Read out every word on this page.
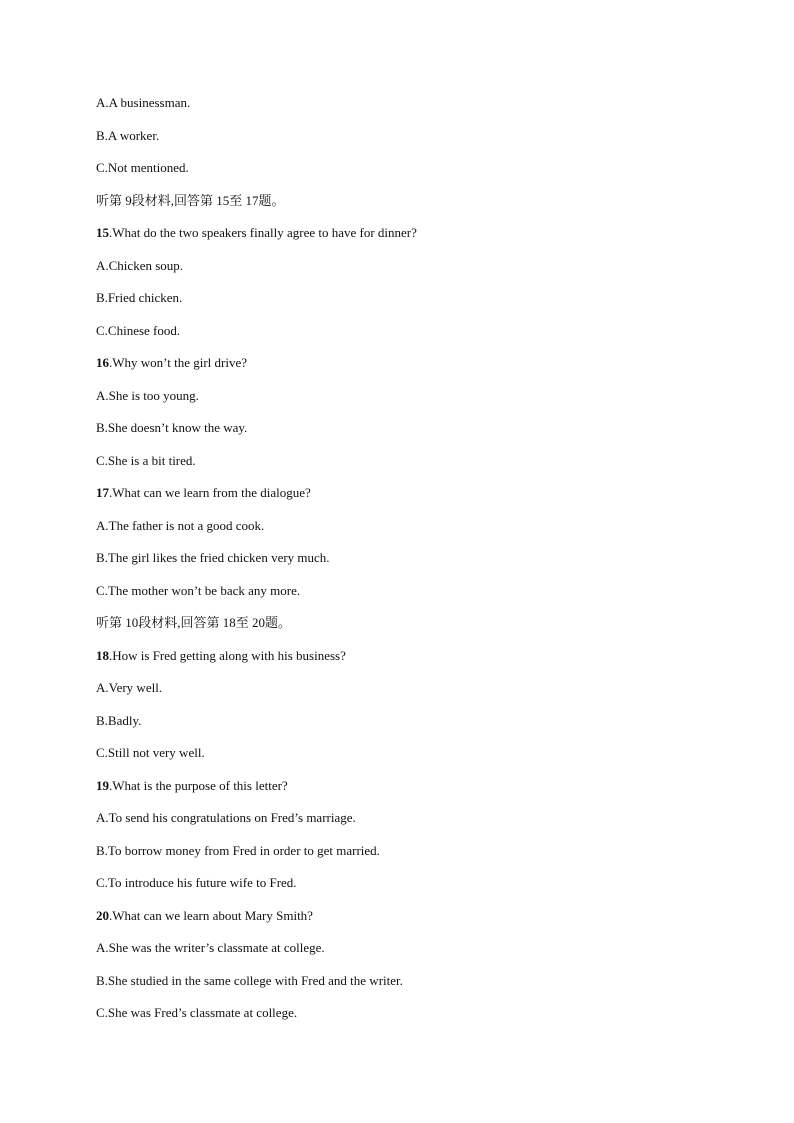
A.A businessman.

B.A worker.

C.Not mentioned.

听第 9段材料,回答第 15至 17题。

15.What do the two speakers finally agree to have for dinner?

A.Chicken soup.

B.Fried chicken.

C.Chinese food.

16.Why won’t the girl drive?

A.She is too young.

B.She doesn’t know the way.

C.She is a bit tired.

17.What can we learn from the dialogue?

A.The father is not a good cook.

B.The girl likes the fried chicken very much.

C.The mother won’t be back any more.

听第 10段材料,回答第 18至 20题。

18.How is Fred getting along with his business?

A.Very well.

B.Badly.

C.Still not very well.

19.What is the purpose of this letter?

A.To send his congratulations on Fred’s marriage.

B.To borrow money from Fred in order to get married.

C.To introduce his future wife to Fred.

20.What can we learn about Mary Smith?

A.She was the writer’s classmate at college.

B.She studied in the same college with Fred and the writer.

C.She was Fred’s classmate at college.
